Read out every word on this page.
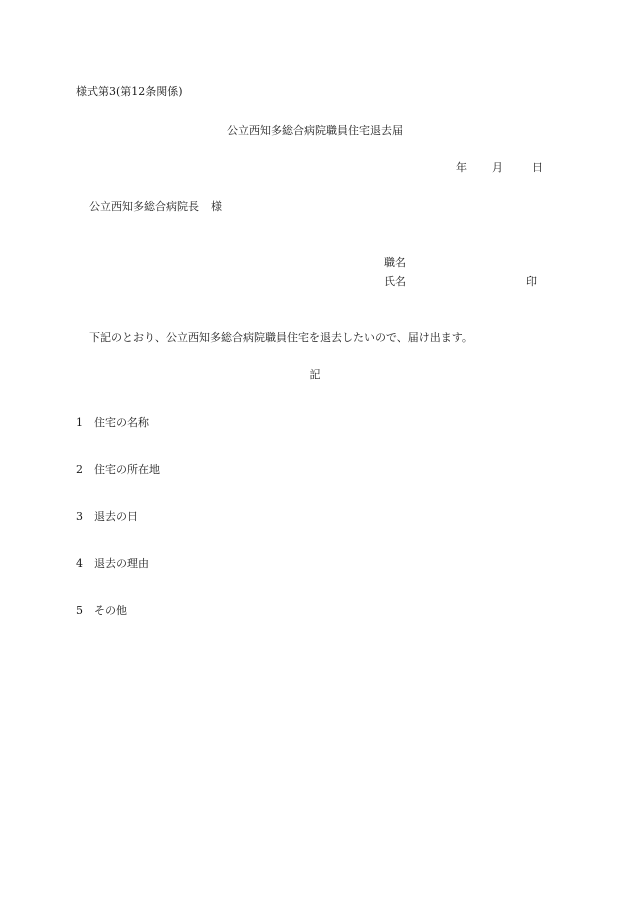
様式第3(第12条関係)
公立西知多総合病院職員住宅退去届
年 月	日
公立西知多総合病院長 様
職名
氏名	印
下記のとおり、公立西知多総合病院職員住宅を退去したいので、届け出ます。
記
1 住宅の名称
2 住宅の所在地
3 退去の日
4 退去の理由
5 その他
